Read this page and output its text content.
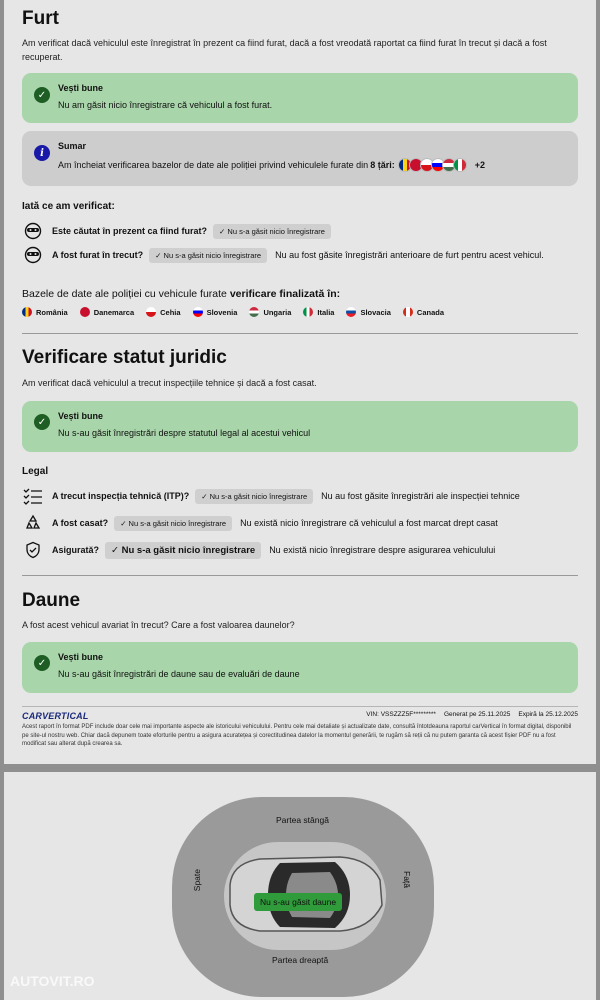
Furt
Am verificat dacă vehiculul este înregistrat în prezent ca fiind furat, dacă a fost vreodată raportat ca fiind furat în trecut și dacă a fost recuperat.
✓
Vești bune
Nu am găsit nicio înregistrare că vehiculul a fost furat.
i
Sumar
Am încheiat verificarea bazelor de date ale poliției privind vehiculele furate din 8 țări:	+2
Iată ce am verificat:
Este căutat în prezent ca fiind furat?	✓ Nu s-a găsit nicio înregistrare
A fost furat în trecut?	✓ Nu s-a găsit nicio înregistrare	Nu au fost găsite înregistrări anterioare de furt pentru acest vehicul.
Bazele de date ale poliției cu vehicule furate verificare finalizată în:
România	Danemarca	Cehia	Slovenia	Ungaria	Italia	Slovacia	Canada
Verificare statut juridic
Am verificat dacă vehiculul a trecut inspecțiile tehnice și dacă a fost casat.
✓
Vești bune
Nu s-au găsit înregistrări despre statutul legal al acestui vehicul
Legal
A trecut inspecția tehnică (ITP)?	✓ Nu s-a găsit nicio înregistrare	Nu au fost găsite înregistrări ale inspecției tehnice
A fost casat?	✓ Nu s-a găsit nicio înregistrare	Nu există nicio înregistrare că vehiculul a fost marcat drept casat
Asigurată?	✓ Nu s-a găsit nicio înregistrare	Nu există nicio înregistrare despre asigurarea vehiculului
Daune
A fost acest vehicul avariat în trecut? Care a fost valoarea daunelor?
✓
Vești bune
Nu s-au găsit înregistrări de daune sau de evaluări de daune
CARVERTICAL	VIN: VSSZZZ5F********* Generat pe 25.11.2025 Expiră la 25.12.2025
Acest raport în format PDF include doar cele mai importante aspecte ale istoricului vehiculului. Pentru cele mai detaliate și actualizate date, consultă întotdeauna raportul carVertical în format digital, disponibil pe site-ul nostru web. Chiar dacă depunem toate eforturile pentru a asigura acuratețea și corectitudinea datelor la momentul generării, te rugăm să reții că nu putem garanta că acest fișier PDF nu a fost modificat sau alterat după crearea sa.
Partea stângă
Partea dreaptă
Spate	Față
Nu s-au găsit daune
AUTOVIT.RO
